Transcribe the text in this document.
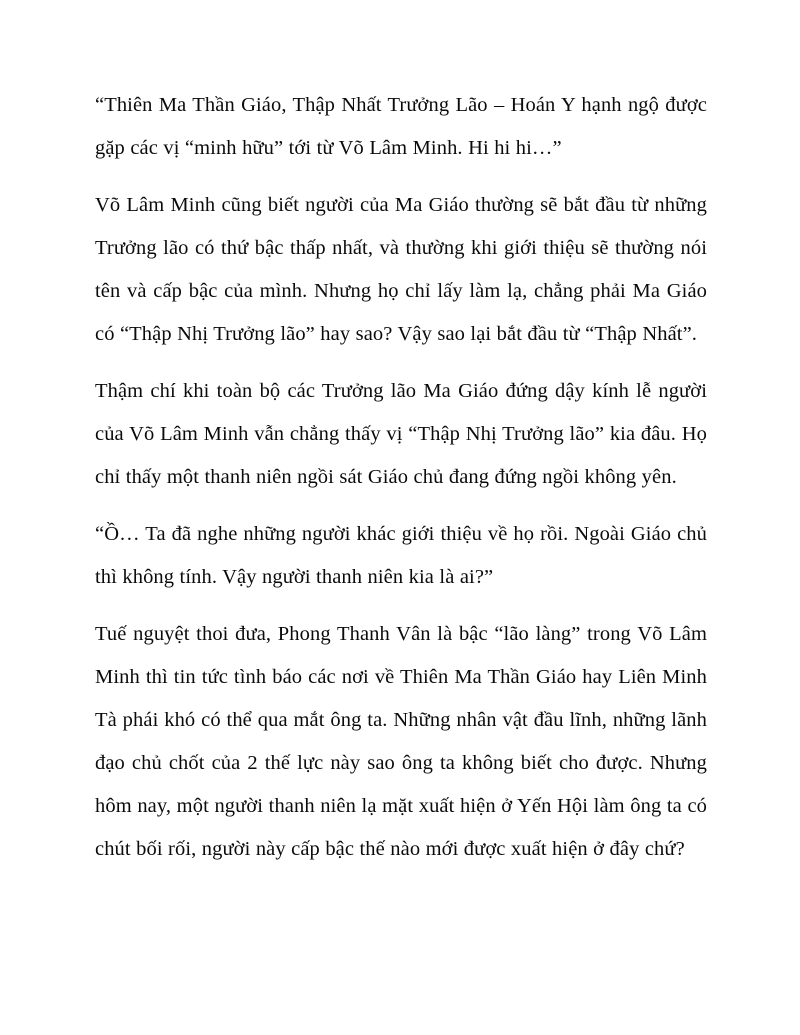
“Thiên Ma Thần Giáo, Thập Nhất Trưởng Lão – Hoán Y hạnh ngộ được gặp các vị “minh hữu” tới từ Võ Lâm Minh. Hi hi hi…”

Võ Lâm Minh cũng biết người của Ma Giáo thường sẽ bắt đầu từ những Trưởng lão có thứ bậc thấp nhất, và thường khi giới thiệu sẽ thường nói tên và cấp bậc của mình. Nhưng họ chỉ lấy làm lạ, chẳng phải Ma Giáo có “Thập Nhị Trưởng lão” hay sao? Vậy sao lại bắt đầu từ “Thập Nhất”.

Thậm chí khi toàn bộ các Trưởng lão Ma Giáo đứng dậy kính lễ người của Võ Lâm Minh vẫn chẳng thấy vị “Thập Nhị Trưởng lão” kia đâu. Họ chỉ thấy một thanh niên ngồi sát Giáo chủ đang đứng ngồi không yên.

“Ồ… Ta đã nghe những người khác giới thiệu về họ rồi. Ngoài Giáo chủ thì không tính. Vậy người thanh niên kia là ai?”

Tuế nguyệt thoi đưa, Phong Thanh Vân là bậc “lão làng” trong Võ Lâm Minh thì tin tức tình báo các nơi về Thiên Ma Thần Giáo hay Liên Minh Tà phái khó có thể qua mắt ông ta. Những nhân vật đầu lĩnh, những lãnh đạo chủ chốt của 2 thế lực này sao ông ta không biết cho được. Nhưng hôm nay, một người thanh niên lạ mặt xuất hiện ở Yến Hội làm ông ta có chút bối rối, người này cấp bậc thế nào mới được xuất hiện ở đây chứ?
